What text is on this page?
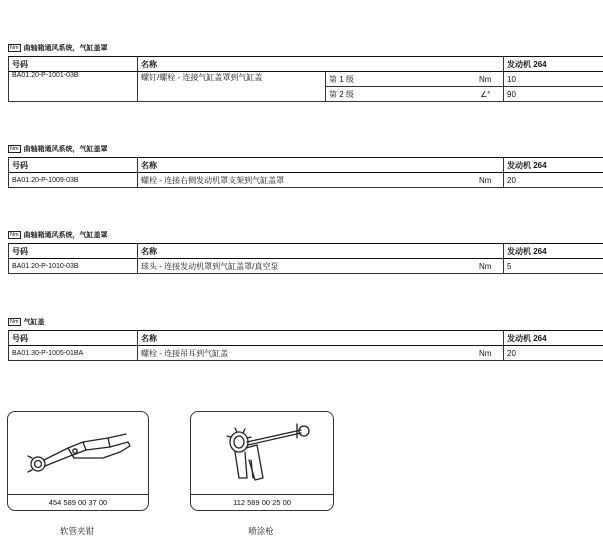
Nm 曲轴箱通风系统，气缸盖罩
号码	名称			发动机 264
BA01.20-P-1001-03B	螺钉/螺栓 - 连接气缸盖罩到气缸盖	第 1 级	Nm	10
		第 2 级	∠°	90
Nm 曲轴箱通风系统，气缸盖罩
号码	名称		发动机 264
BA01.20-P-1009-03B	螺栓 - 连接右侧发动机罩支架到气缸盖罩	Nm	20
Nm 曲轴箱通风系统，气缸盖罩
号码	名称		发动机 264
BA01.20-P-1010-03B	球头 - 连接发动机罩到气缸盖罩/真空泵	Nm	5
Nm 气缸盖
号码	名称		发动机 264
BA01.30-P-1005-01BA	螺栓 - 连接吊耳到气缸盖	Nm	20
454 589 00 37 00
软管夹钳
112 589 00 25 00
喷涂枪
